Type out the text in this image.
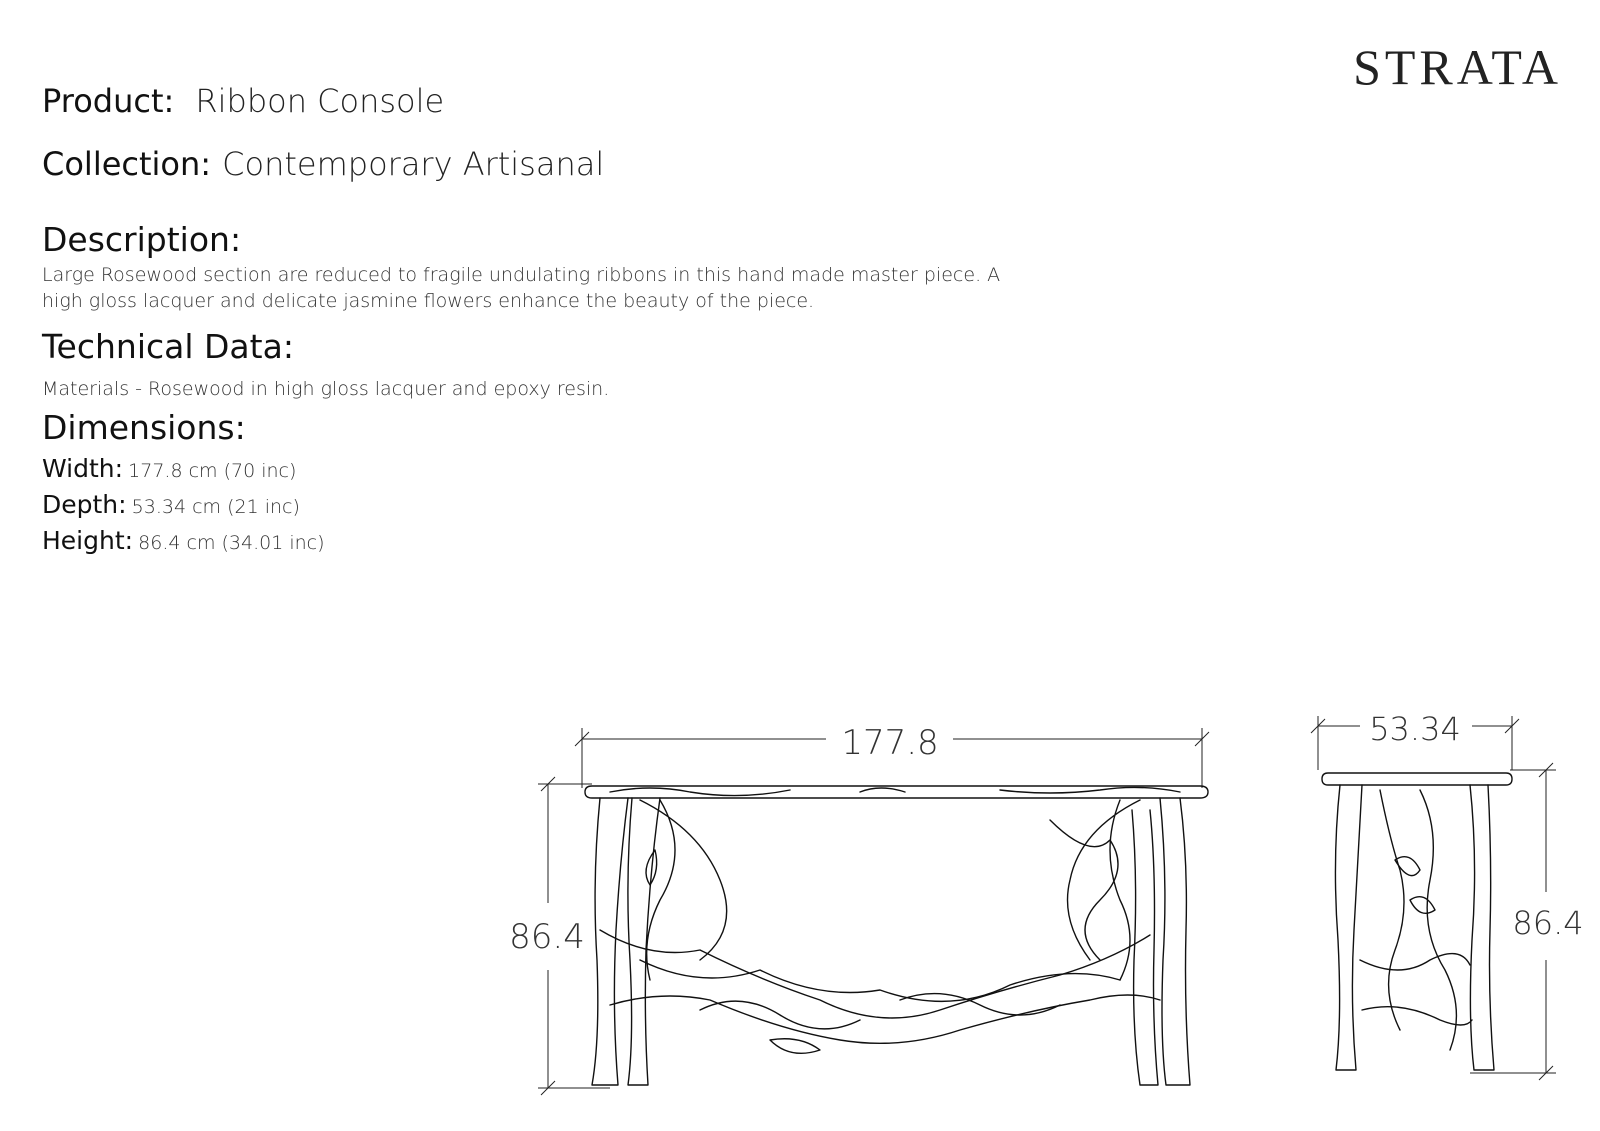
STRATA
Product: Ribbon Console
Collection: Contemporary Artisanal
Description:
Large Rosewood section are reduced to fragile undulating ribbons in this hand made master piece. A
high gloss lacquer and delicate jasmine flowers enhance the beauty of the piece.
Technical Data:
Materials - Rosewood in high gloss lacquer and epoxy resin.
Dimensions:
Width: 177.8 cm (70 inc)
Depth: 53.34 cm (21 inc)
Height: 86.4 cm (34.01 inc)
177.8
86.4
53.34
86.4
